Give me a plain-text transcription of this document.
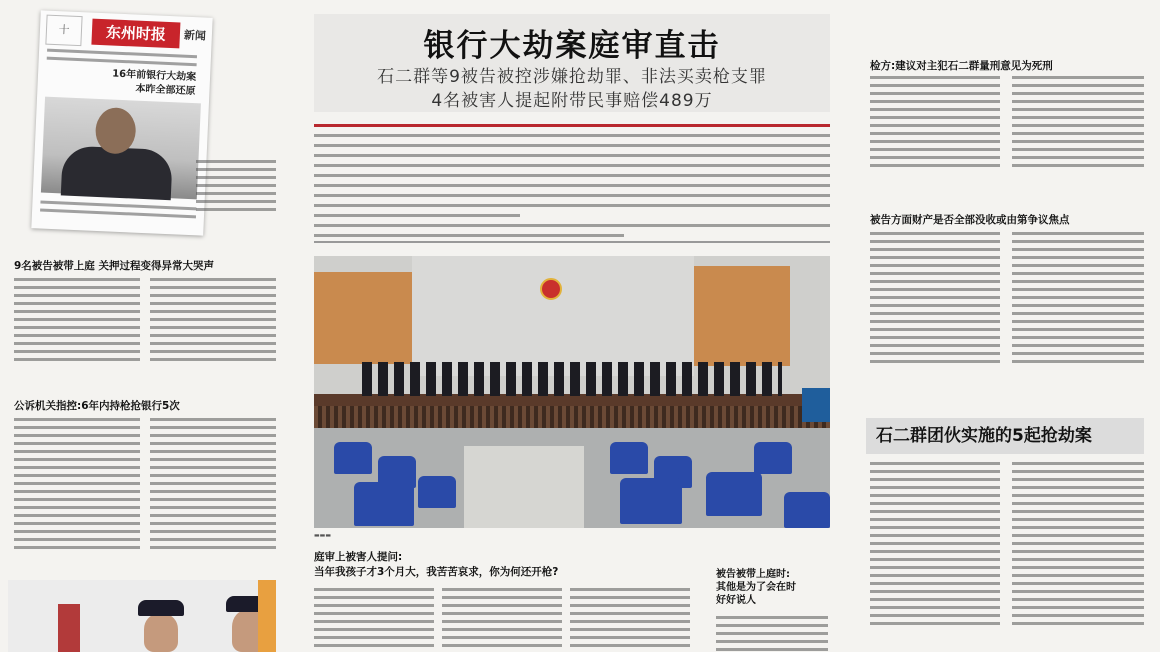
十	东州时报	新闻
16年前银行大劫案
本昨全部还原
银行大劫案庭审直击
石二群等9被告被控涉嫌抢劫罪、非法买卖枪支罪
4名被害人提起附带民事赔偿489万
9名被告被带上庭 关押过程变得异常大哭声
公诉机关指控:6年内持枪抢银行5次
▬▬▬
庭审上被害人提问:
当年我孩子才3个月大，我苦苦哀求，你为何还开枪?	被告被带上庭时:
其他是为了会在时
好好说人
检方:建议对主犯石二群量刑意见为死刑
被告方面财产是否全部没收或由第争议焦点
石二群团伙实施的5起抢劫案
